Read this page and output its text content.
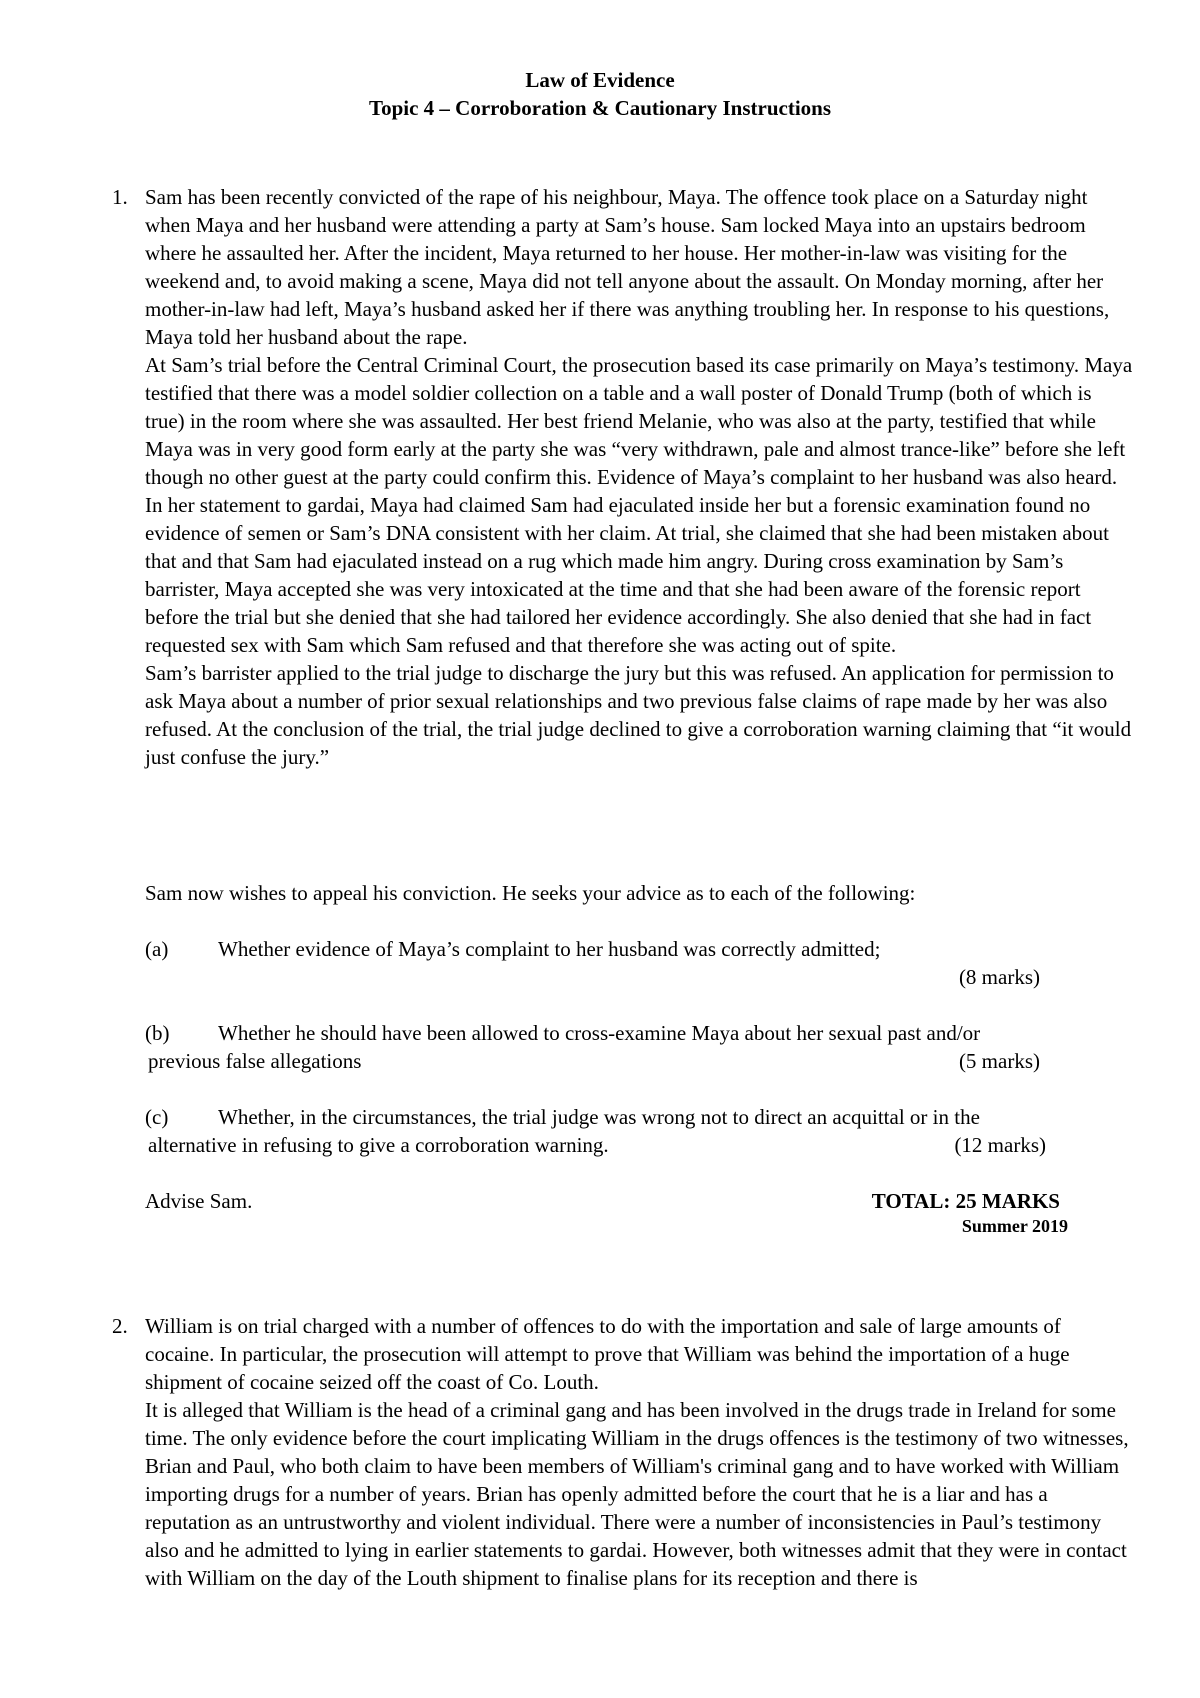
Law of Evidence
Topic 4 – Corroboration & Cautionary Instructions
1. Sam has been recently convicted of the rape of his neighbour, Maya. The offence took place on a Saturday night when Maya and her husband were attending a party at Sam’s house. Sam locked Maya into an upstairs bedroom where he assaulted her. After the incident, Maya returned to her house. Her mother-in-law was visiting for the weekend and, to avoid making a scene, Maya did not tell anyone about the assault. On Monday morning, after her mother-in-law had left, Maya’s husband asked her if there was anything troubling her. In response to his questions, Maya told her husband about the rape.

At Sam’s trial before the Central Criminal Court, the prosecution based its case primarily on Maya’s testimony. Maya testified that there was a model soldier collection on a table and a wall poster of Donald Trump (both of which is true) in the room where she was assaulted. Her best friend Melanie, who was also at the party, testified that while Maya was in very good form early at the party she was “very withdrawn, pale and almost trance-like” before she left though no other guest at the party could confirm this. Evidence of Maya’s complaint to her husband was also heard.

In her statement to gardai, Maya had claimed Sam had ejaculated inside her but a forensic examination found no evidence of semen or Sam’s DNA consistent with her claim. At trial, she claimed that she had been mistaken about that and that Sam had ejaculated instead on a rug which made him angry. During cross examination by Sam’s barrister, Maya accepted she was very intoxicated at the time and that she had been aware of the forensic report before the trial but she denied that she had tailored her evidence accordingly. She also denied that she had in fact requested sex with Sam which Sam refused and that therefore she was acting out of spite.

Sam’s barrister applied to the trial judge to discharge the jury but this was refused. An application for permission to ask Maya about a number of prior sexual relationships and two previous false claims of rape made by her was also refused. At the conclusion of the trial, the trial judge declined to give a corroboration warning claiming that “it would just confuse the jury.”

Sam now wishes to appeal his conviction. He seeks your advice as to each of the following:
(a) Whether evidence of Maya’s complaint to her husband was correctly admitted;
(8 marks)
(b) Whether he should have been allowed to cross-examine Maya about her sexual past and/or
previous false allegations	(5 marks)
(c) Whether, in the circumstances, the trial judge was wrong not to direct an acquittal or in the
alternative in refusing to give a corroboration warning.	(12 marks)
Advise Sam.	TOTAL: 25 MARKS
Summer 2019
2. William is on trial charged with a number of offences to do with the importation and sale of large amounts of cocaine. In particular, the prosecution will attempt to prove that William was behind the importation of a huge shipment of cocaine seized off the coast of Co. Louth.

It is alleged that William is the head of a criminal gang and has been involved in the drugs trade in Ireland for some time. The only evidence before the court implicating William in the drugs offences is the testimony of two witnesses, Brian and Paul, who both claim to have been members of William's criminal gang and to have worked with William importing drugs for a number of years. Brian has openly admitted before the court that he is a liar and has a reputation as an untrustworthy and violent individual. There were a number of inconsistencies in Paul’s testimony also and he admitted to lying in earlier statements to gardai. However, both witnesses admit that they were in contact with William on the day of the Louth shipment to finalise plans for its reception and there is
